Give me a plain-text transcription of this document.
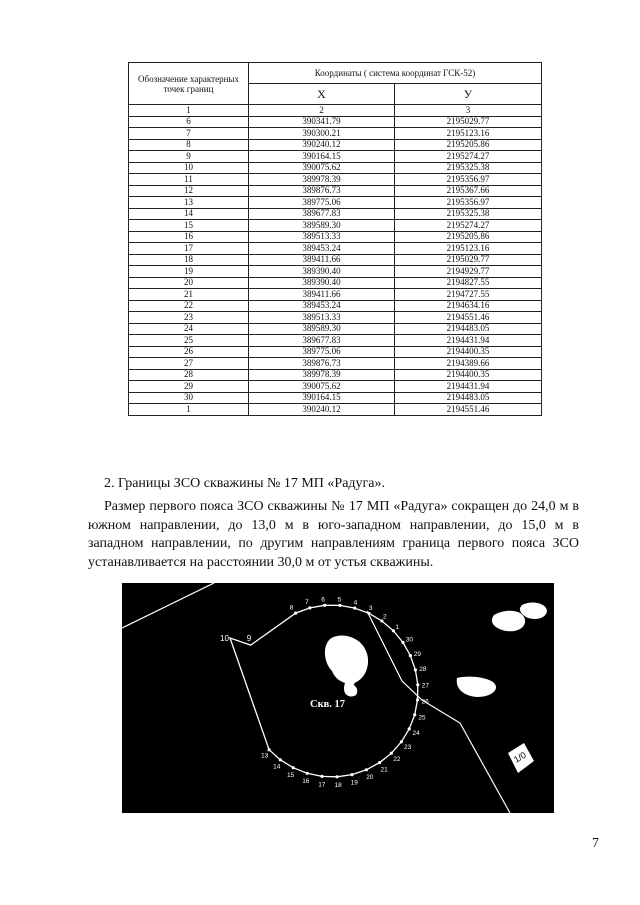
Обозначение характерных точек границ	Координаты ( система координат ГСК-52)	
	X	У
1	2	3
6	390341.79	2195029.77
7	390300.21	2195123.16
8	390240.12	2195205.86
9	390164.15	2195274.27
10	390075.62	2195325.38
11	389978.39	2195356.97
12	389876.73	2195367.66
13	389775.06	2195356.97
14	389677.83	2195325.38
15	389589.30	2195274.27
16	389513.33	2195205.86
17	389453.24	2195123.16
18	389411.66	2195029.77
19	389390.40	2194929.77
20	389390.40	2194827.55
21	389411.66	2194727.55
22	389453.24	2194634.16
23	389513.33	2194551.46
24	389589.30	2194483.05
25	389677.83	2194431.94
26	389775.06	2194400.35
27	389876.73	2194389.66
28	389978.39	2194400.35
29	390075.62	2194431.94
30	390164.15	2194483.05
1	390240.12	2194551.46

2. Границы ЗСО скважины № 17 МП «Радуга».

Размер первого пояса ЗСО скважины № 17 МП «Радуга» сокращен до 24,0 м в южном направлении, до 13,0 м в юго-западном направлении, до 15,0 м в западном направлении, по другим направлениям граница первого пояса ЗСО устанавливается на расстоянии 30,0 м от устья скважины.

1/0
8
7 6 5 4
3
2
1
30
29
28
27
26
25
24
23
22
21
20
19
18
17
16
15
14
13
9
10
Скв. 17
7
